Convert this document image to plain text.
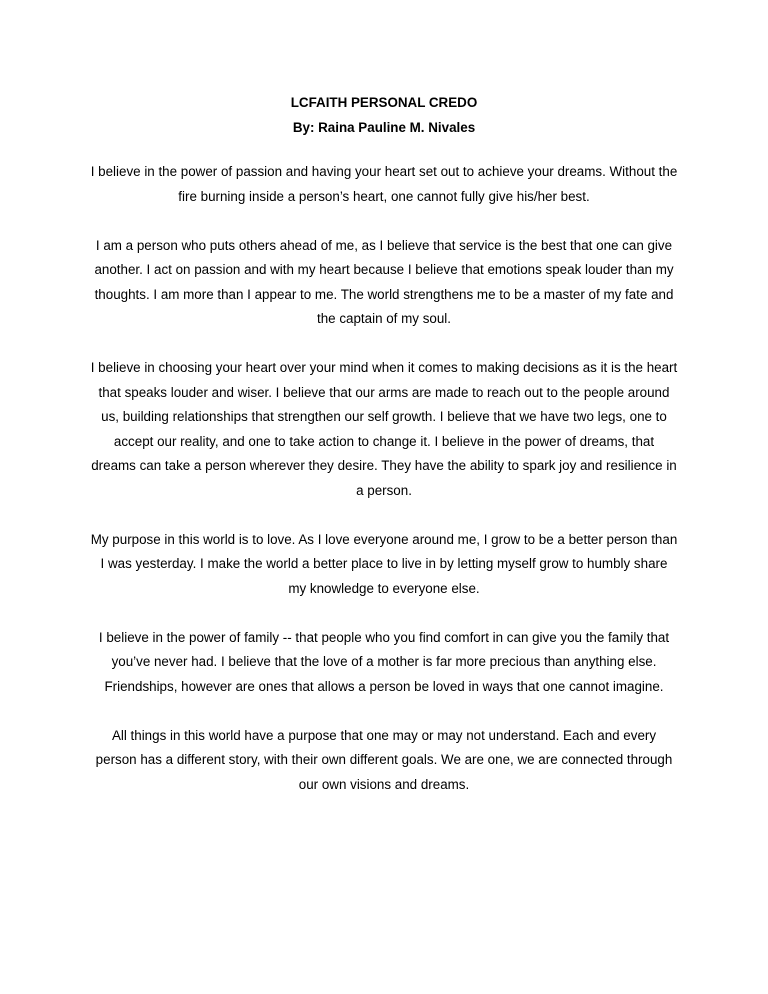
LCFAITH PERSONAL CREDO

By: Raina Pauline M. Nivales

I believe in the power of passion and having your heart set out to achieve your dreams. Without the fire burning inside a person’s heart, one cannot fully give his/her best.

I am a person who puts others ahead of me, as I believe that service is the best that one can give another. I act on passion and with my heart because I believe that emotions speak louder than my thoughts. I am more than I appear to me. The world strengthens me to be a master of my fate and the captain of my soul.

I believe in choosing your heart over your mind when it comes to making decisions as it is the heart that speaks louder and wiser. I believe that our arms are made to reach out to the people around us, building relationships that strengthen our self growth. I believe that we have two legs, one to accept our reality, and one to take action to change it. I believe in the power of dreams, that dreams can take a person wherever they desire. They have the ability to spark joy and resilience in a person.

My purpose in this world is to love. As I love everyone around me, I grow to be a better person than I was yesterday. I make the world a better place to live in by letting myself grow to humbly share my knowledge to everyone else.

I believe in the power of family -- that people who you find comfort in can give you the family that you’ve never had. I believe that the love of a mother is far more precious than anything else. Friendships, however are ones that allows a person be loved in ways that one cannot imagine.

All things in this world have a purpose that one may or may not understand. Each and every person has a different story, with their own different goals. We are one, we are connected through our own visions and dreams.
